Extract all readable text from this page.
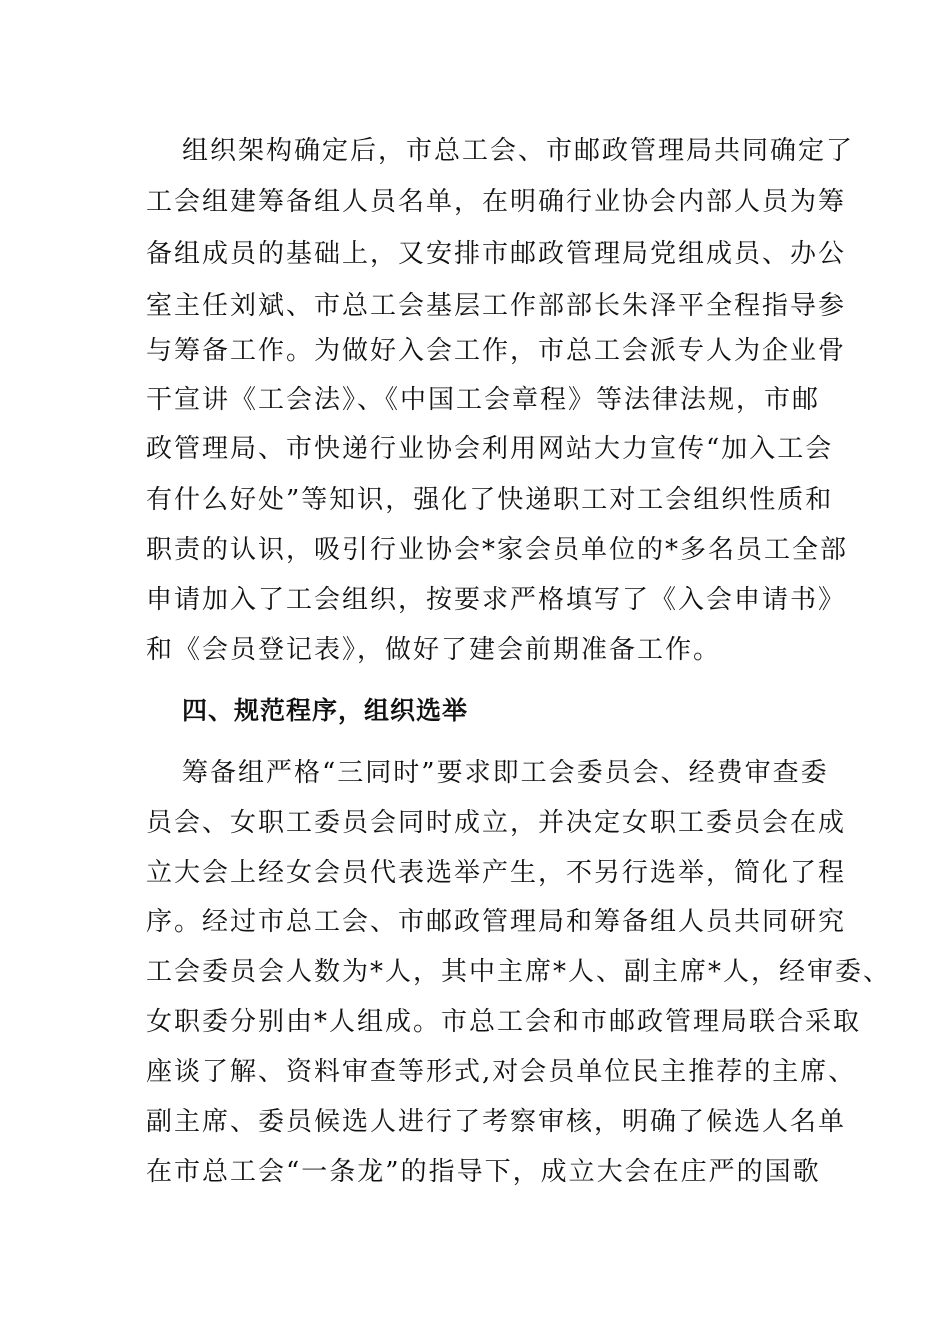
组织架构确定后，市总工会、市邮政管理局共同确定了
工会组建筹备组人员名单，在明确行业协会内部人员为筹
备组成员的基础上，又安排市邮政管理局党组成员、办公
室主任刘斌、市总工会基层工作部部长朱泽平全程指导参
与筹备工作。为做好入会工作，市总工会派专人为企业骨
干宣讲《工会法》、《中国工会章程》等法律法规，市邮
政管理局、市快递行业协会利用网站大力宣传“加入工会
有什么好处”等知识，强化了快递职工对工会组织性质和
职责的认识，吸引行业协会*家会员单位的*多名员工全部
申请加入了工会组织，按要求严格填写了《入会申请书》
和《会员登记表》，做好了建会前期准备工作。
四、规范程序，组织选举
筹备组严格“三同时”要求即工会委员会、经费审查委
员会、女职工委员会同时成立，并决定女职工委员会在成
立大会上经女会员代表选举产生，不另行选举，简化了程
序。经过市总工会、市邮政管理局和筹备组人员共同研究
工会委员会人数为*人，其中主席*人、副主席*人，经审委、
女职委分别由*人组成。市总工会和市邮政管理局联合采取
座谈了解、资料审查等形式,对会员单位民主推荐的主席、
副主席、委员候选人进行了考察审核，明确了候选人名单
在市总工会“一条龙”的指导下，成立大会在庄严的国歌
